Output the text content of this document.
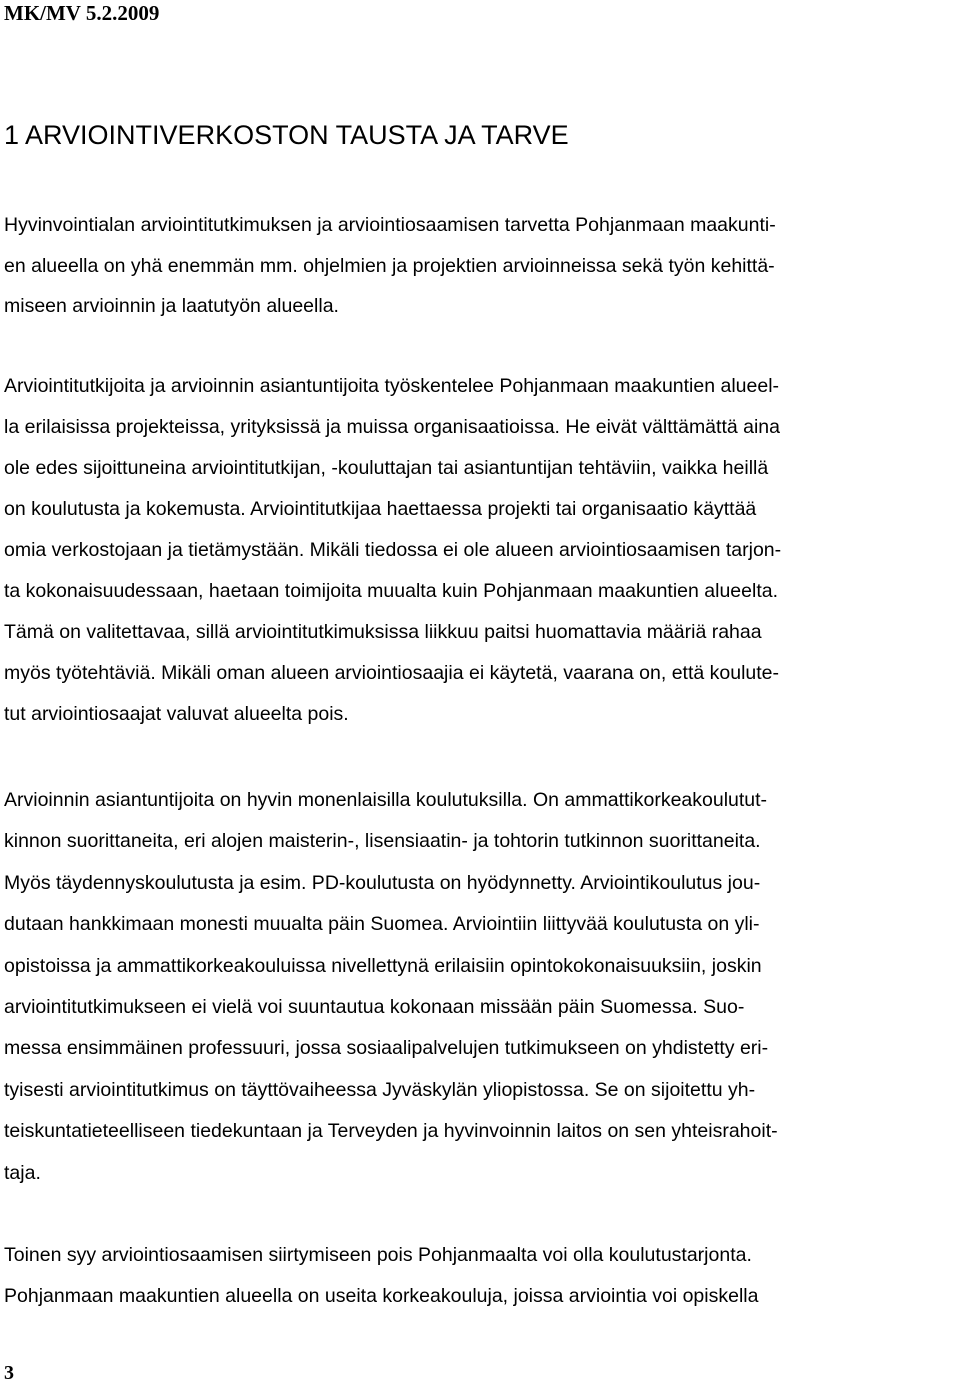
MK/MV 5.2.2009
1 ARVIOINTIVERKOSTON TAUSTA JA TARVE
Hyvinvointialan arviointitutkimuksen ja arviointiosaamisen tarvetta Pohjanmaan maakunti-
en alueella on yhä enemmän mm. ohjelmien ja projektien arvioinneissa sekä työn kehittä-
miseen arvioinnin ja laatutyön alueella.
Arviointitutkijoita ja arvioinnin asiantuntijoita työskentelee Pohjanmaan maakuntien alueel-
la erilaisissa projekteissa, yrityksissä ja muissa organisaatioissa. He eivät välttämättä aina
ole edes sijoittuneina arviointitutkijan, -kouluttajan tai asiantuntijan tehtäviin, vaikka heillä
on koulutusta ja kokemusta. Arviointitutkijaa haettaessa projekti tai organisaatio käyttää
omia verkostojaan ja tietämystään. Mikäli tiedossa ei ole alueen arviointiosaamisen tarjon-
ta kokonaisuudessaan, haetaan toimijoita muualta kuin Pohjanmaan maakuntien alueelta.
Tämä on valitettavaa, sillä arviointitutkimuksissa liikkuu paitsi huomattavia määriä rahaa
myös työtehtäviä. Mikäli oman alueen arviointiosaajia ei käytetä, vaarana on, että koulute-
tut arviointiosaajat valuvat alueelta pois.
Arvioinnin asiantuntijoita on hyvin monenlaisilla koulutuksilla. On ammattikorkeakoulutut-
kinnon suorittaneita, eri alojen maisterin-, lisensiaatin- ja tohtorin tutkinnon suorittaneita.
Myös täydennyskoulutusta ja esim. PD-koulutusta on hyödynnetty. Arviointikoulutus jou-
dutaan hankkimaan monesti muualta päin Suomea. Arviointiin liittyvää koulutusta on yli-
opistoissa ja ammattikorkeakouluissa nivellettynä erilaisiin opintokokonaisuuksiin, joskin
arviointitutkimukseen ei vielä voi suuntautua kokonaan missään päin Suomessa. Suo-
messa ensimmäinen professuuri, jossa sosiaalipalvelujen tutkimukseen on yhdistetty eri-
tyisesti arviointitutkimus on täyttövaiheessa Jyväskylän yliopistossa. Se on sijoitettu yh-
teiskuntatieteelliseen tiedekuntaan ja Terveyden ja hyvinvoinnin laitos on sen yhteisrahoit-
taja.
Toinen syy arviointiosaamisen siirtymiseen pois Pohjanmaalta voi olla koulutustarjonta.
Pohjanmaan maakuntien alueella on useita korkeakouluja, joissa arviointia voi opiskella
3
